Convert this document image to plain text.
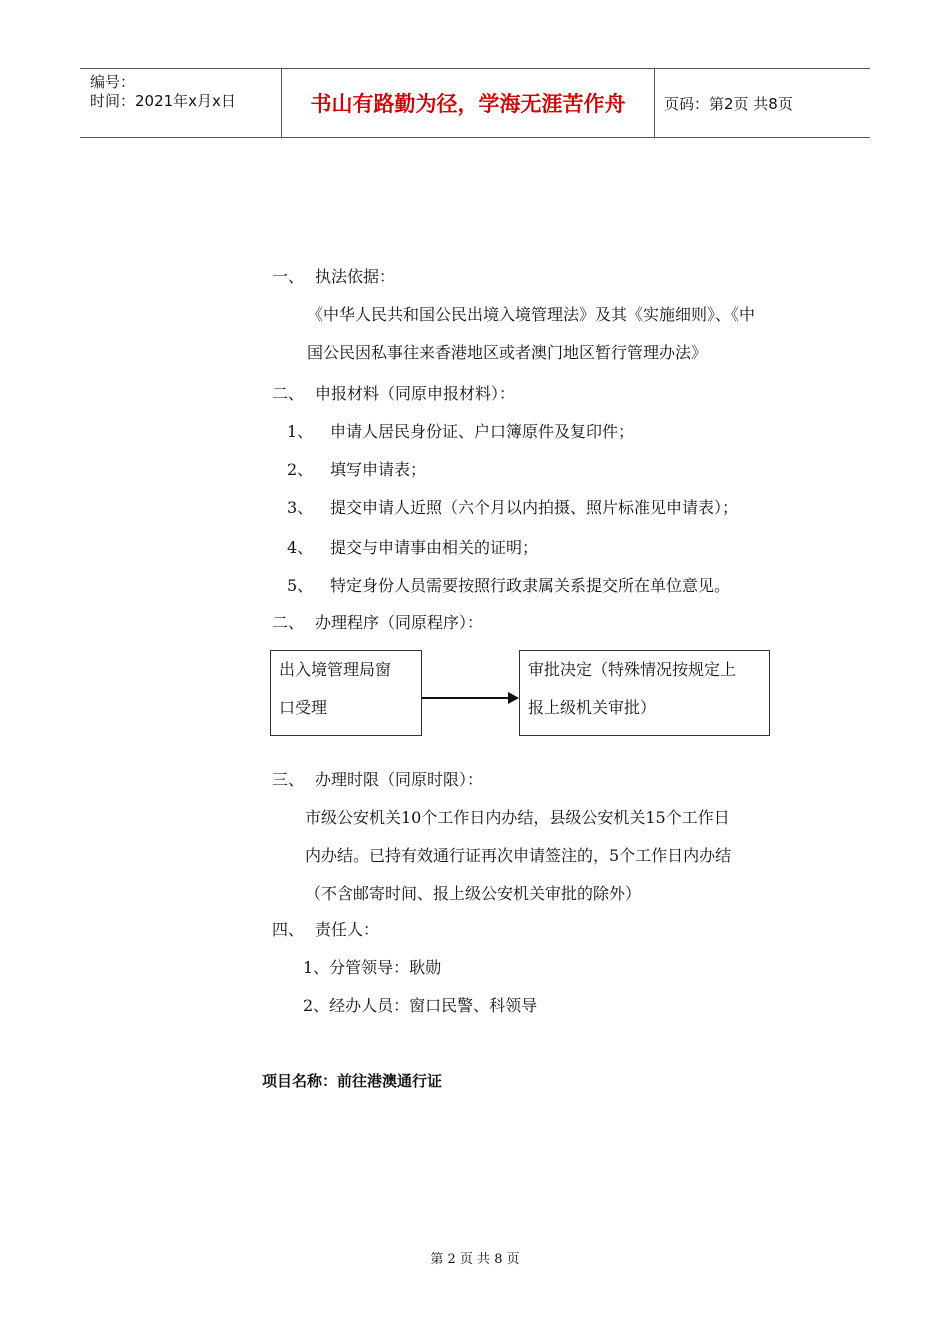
编号：
时间：2021年x月x日	书山有路勤为径，学海无涯苦作舟	页码：第2页 共8页
一、 执法依据：
《中华人民共和国公民出境入境管理法》及其《实施细则》、《中
国公民因私事往来香港地区或者澳门地区暂行管理办法》
二、 申报材料（同原申报材料）：
1、 申请人居民身份证、户口簿原件及复印件；
2、 填写申请表；
3、 提交申请人近照（六个月以内拍摄、照片标准见申请表）；
4、 提交与申请事由相关的证明；
5、 特定身份人员需要按照行政隶属关系提交所在单位意见。
二、 办理程序（同原程序）：
出入境管理局窗
口受理
审批决定（特殊情况按规定上
报上级机关审批）
三、 办理时限（同原时限）：
市级公安机关10个工作日内办结，县级公安机关15个工作日
内办结。已持有效通行证再次申请签注的，5个工作日内办结
（不含邮寄时间、报上级公安机关审批的除外）
四、 责任人：
1、分管领导：耿勋
2、经办人员：窗口民警、科领导
项目名称：前往港澳通行证
第 2 页 共 8 页
